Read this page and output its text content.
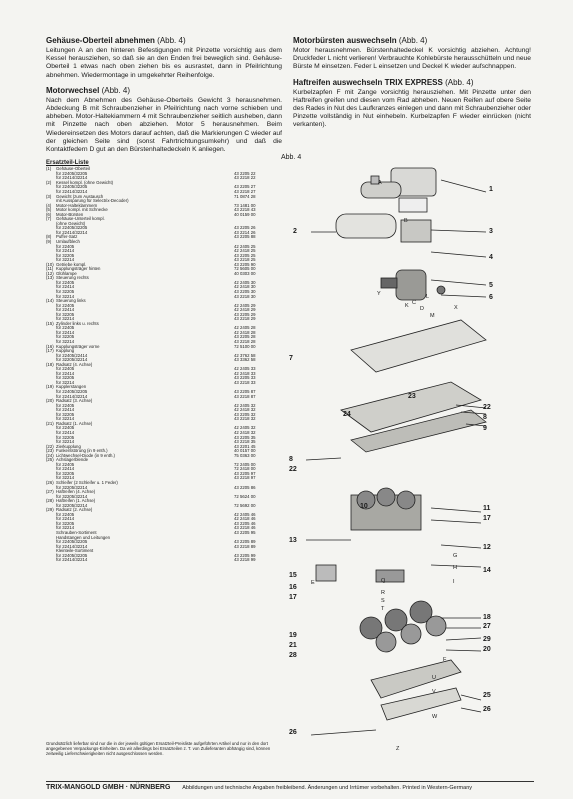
Gehäuse-Oberteil abnehmen (Abb. 4)

Leitungen A an den hinteren Befestigungen mit Pinzette vorsichtig aus dem Kessel herausziehen, so daß sie an den Enden frei beweglich sind. Gehäuse-Oberteil 1 etwas nach oben ziehen bis es ausrastet, dann in Pfeilrichtung abnehmen. Wiedermontage in umgekehrter Reihenfolge.

Motorwechsel (Abb. 4)

Nach dem Abnehmen des Gehäuse-Oberteils Gewicht 3 herausnehmen. Abdeckung B mit Schraubenzieher in Pfeilrichtung nach vorne schieben und abheben. Motor-Haltekiammern 4 mit Schraubenzieher seitlich ausheben, dann mit Pinzette nach oben abziehen. Motor 5 herausnehmen. Beim Wiedereinsetzen des Motors darauf achten, daß die Markierungen C wieder auf der gleichen Seite sind (sonst Fahrtrichtungsumkehr) und daß die Kontaktfedern D gut an den Bürstenhaltedeckeln K anliegen.

Ersatzteil-Liste
(1)	Gehäuse-Oberteil	
	für 22405/32205	43 2205 22
	für 22414/32214	43 2218 22
(2)	Kessel kompl. (ohne Gewicht)	
	für 22405/32205	43 2205 27
	für 22414/32214	43 2218 27
(3)	Gewicht (zum Austausch	71 0874 28
	mit Aussparung für Selectrix-Decoder)	
(4)	Motor-Halteklammern	73 1481 00
(5)	Motor kompl. mit Schnecke	43 2218 43
(6)	Motor-Bürsten	40 0159 00
(7)	Gehäuse-Unterteil kompl.	
	(ohne Gewicht)	
	für 22405/32205	43 2205 26
	für 22414/32214	43 2214 26
(8)	Puffer-Satz	43 2205 88
(9)	Umlaufblech	
	für 22405	42 2405 25
	für 22414	42 2418 25
	für 32205	43 2205 25
	für 32214	43 2218 25
(10)	Getriebe kompl.	43 2205 90
(11)	Kupplungsträger hinten	72 5605 00
(12)	Glühlampe	40 0303 00
(13)	Steuerung rechts	
	für 22405	42 2405 30
	für 22414	42 2418 30
	für 32205	43 2205 30
	für 32214	43 2218 30
(14)	Steuerung links	
	für 22405	42 2405 29
	für 22414	42 2418 29
	für 32205	43 2205 29
	für 32214	43 2218 29
(15)	Zylinder links u. rechts	
	für 22405	42 2405 28
	für 22414	42 2418 28
	für 32205	43 2205 28
	für 32214	43 2218 28
(16)	Kupplungsträger vorne	72 5100 00
(17)	Kupplung	
	für 22405/22414	42 3762 58
	für 32205/32214	43 3362 58
(18)	Radsatz (4. Achse)	
	für 22405	42 2405 33
	für 22414	42 2418 33
	für 32205	43 2205 33
	für 32214	43 2218 33
(19)	Kupplerstangen	
	für 22405/32205	43 2205 87
	für 22414/32214	43 2218 87
(20)	Radsatz (3. Achse)	
	für 22405	42 2405 32
	für 22414	42 2418 32
	für 32205	43 2205 32
	für 32214	43 2218 32
(21)	Radsatz (1. Achse)	
	für 22405	42 2405 32
	für 22414	42 2418 32
	für 32205	43 2205 35
	für 32214	43 2218 35
(22)	Zierkupplung	43 2201 45
(23)	Funkentstörung (in 9 enth.)	40 0157 00
(24)	Lichtwechsel-Diode (in 9 enth.)	75 0363 00
(25)	Achslagerblende	
	für 22405	72 2405 00
	für 22414	72 2418 00
	für 32205	43 2205 97
	für 32214	43 2218 97
(26)	Schleifer (2 Schleifer u. 1 Feder)	
	für 32205/32214	43 2205 86
(27)	Haftreifen (4. Achse)	
	für 32205/32214	72 5624 00
(28)	Haftreifen (1. Achse)	
	für 32205/32214	72 5692 00
(29)	Radsatz (2. Achse)	
	für 22405	42 2405 46
	für 22414	42 2418 46
	für 32205	43 2205 46
	für 32214	43 2218 46
	Schrauben-Sortiment	43 2205 95
	Handstangen und Leitungen	
	für 22405/32205	43 2205 89
	für 22414/32214	43 2218 89
	Kleinteile-Sortiment	
	für 22405/32205	43 2205 99
	für 22414/32214	43 2218 99
Grundsätzlich lieferbar sind nur die in der jeweils gültigen Ersatzteil-Preisliste aufgeführten Artikel und nur in den dort angegebenen Verpackungs-Einheiten. Da wir allerdings bei Ersatzteilen z. T. von Zulieferanten abhängig sind, können zeitweilig Lieferschwierigkeiten nicht ausgeschlossen werden.
Motorbürsten auswechseln (Abb. 4)

Motor herausnehmen. Bürstenhaltedeckel K vorsichtig abziehen. Achtung! Druckfeder L nicht verlieren! Verbrauchte Kohlebürste herausschütteln und neue Bürste M einsetzen. Feder L einsetzen und Deckel K wieder aufschnappen.

Haftreifen auswechseln TRIX EXPRESS (Abb. 4)

Kurbelzapfen F mit Zange vorsichtig herausziehen. Mit Pinzette unter den Haftreifen greifen und diesen vom Rad abheben. Neuen Reifen auf obere Seite des Rades in Nut des Laufkranzes einlegen und dann mit Schraubenzieher oder Pinzette vollständig in Nut einhebeln. Kurbelzapfen F wieder einrücken (nicht verkanten).

Abb. 4
1
2	3
4
5
6
7
8
9
10	11
12
13
14
15
16
17
18
19
20
21
22
23
24
25
26
26
27
28
29
8
22
17
A
B
C
D
E
F
G
H
I
K
L
M
Q
R
S
T
U
V
W
X
Y
Z
TRIX-MANGOLD GMBH · NÜRNBERG Abbildungen und technische Angaben freibleibend. Änderungen und Irrtümer vorbehalten. Printed in Western-Germany
